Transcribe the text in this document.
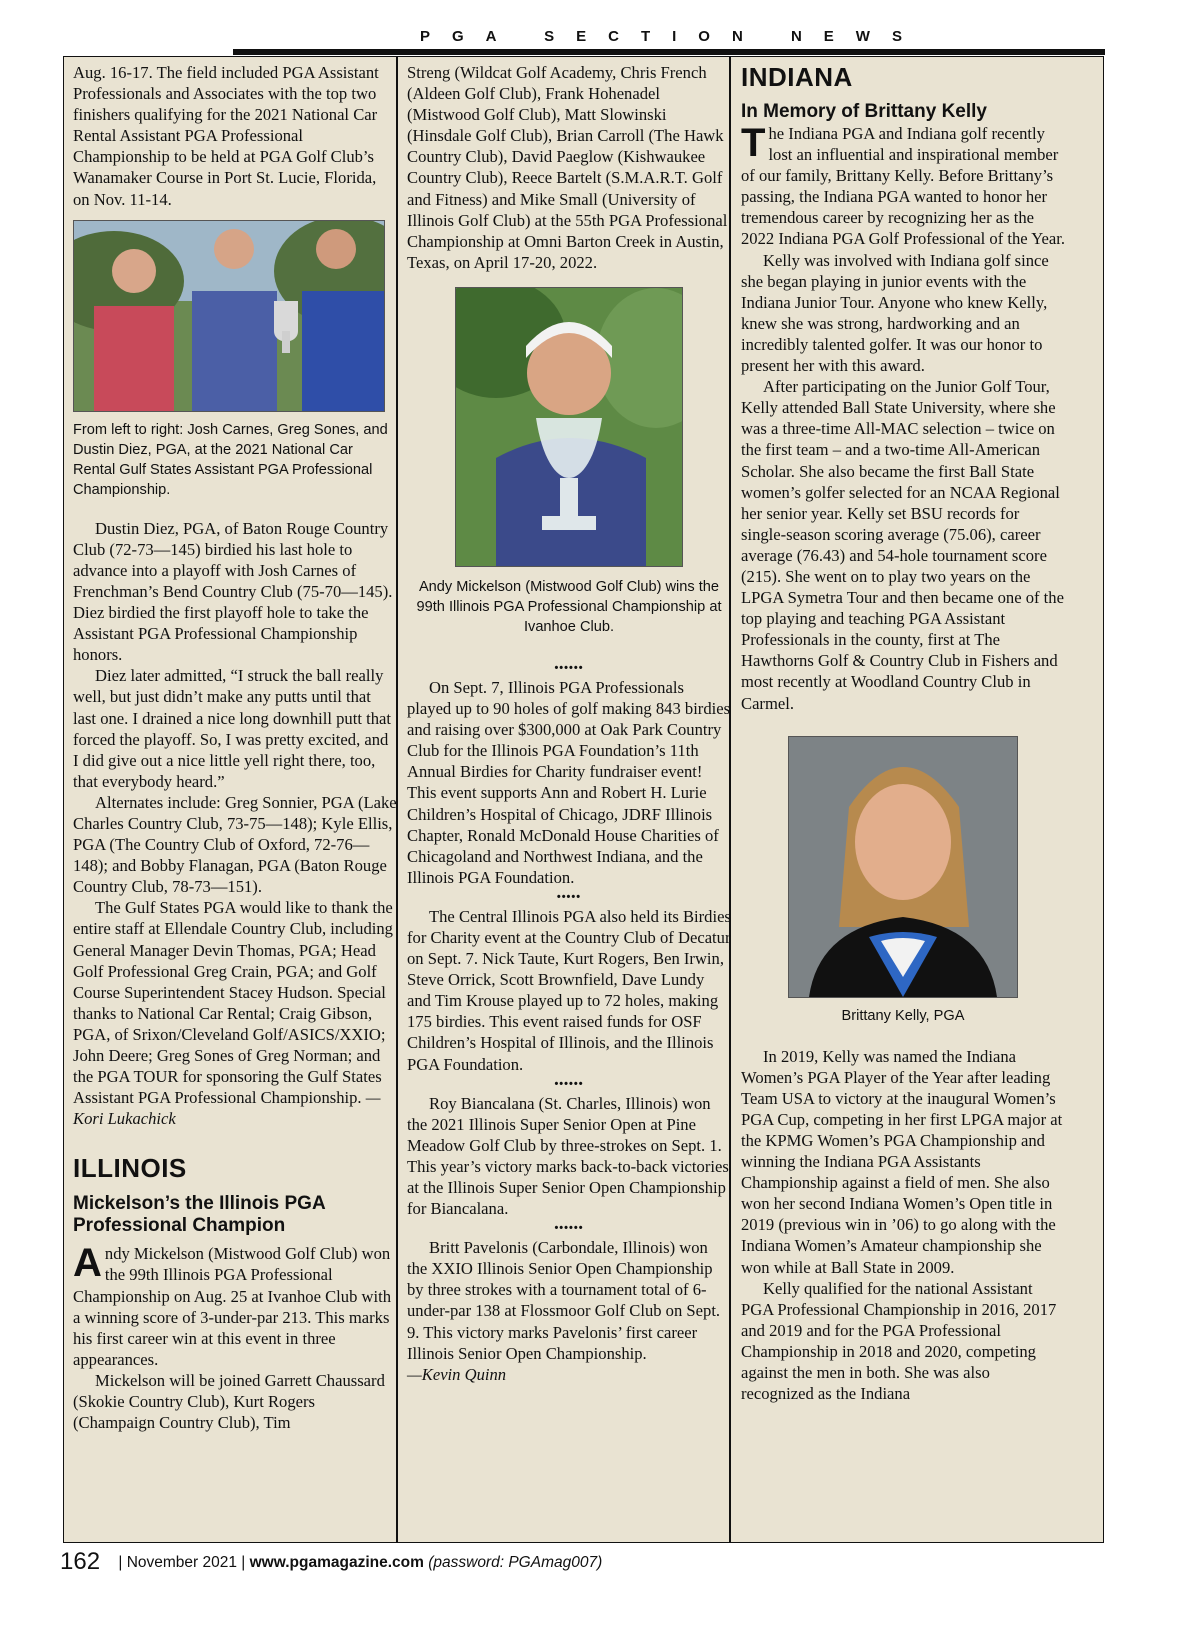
PGA SECTION NEWS

Aug. 16-17. The field included PGA Assistant Professionals and Associates with the top two finishers qualifying for the 2021 National Car Rental Assistant PGA Professional Championship to be held at PGA Golf Club’s Wanamaker Course in Port St. Lucie, Florida, on Nov. 11-14.

From left to right: Josh Carnes, Greg Sones, and Dustin Diez, PGA, at the 2021 National Car Rental Gulf States Assistant PGA Professional Championship.

Dustin Diez, PGA, of Baton Rouge Country Club (72-73—145) birdied his last hole to advance into a playoff with Josh Carnes of Frenchman’s Bend Country Club (75-70—145). Diez birdied the first playoff hole to take the Assistant PGA Professional Championship honors.

Diez later admitted, “I struck the ball really well, but just didn’t make any putts until that last one. I drained a nice long downhill putt that forced the playoff. So, I was pretty excited, and I did give out a nice little yell right there, too, that everybody heard.”

Alternates include: Greg Sonnier, PGA (Lake Charles Country Club, 73-75—148); Kyle Ellis, PGA (The Country Club of Oxford, 72-76—148); and Bobby Flanagan, PGA (Baton Rouge Country Club, 78-73—151).

The Gulf States PGA would like to thank the entire staff at Ellendale Country Club, including General Manager Devin Thomas, PGA; Head Golf Professional Greg Crain, PGA; and Golf Course Superintendent Stacey Hudson. Special thanks to National Car Rental; Craig Gibson, PGA, of Srixon/Cleveland Golf/ASICS/XXIO; John Deere; Greg Sones of Greg Norman; and the PGA TOUR for sponsoring the Gulf States Assistant PGA Professional Championship. —Kori Lukachick

ILLINOIS
Mickelson’s the Illinois PGA Professional Champion

Andy Mickelson (Mistwood Golf Club) won the 99th Illinois PGA Professional Championship on Aug. 25 at Ivanhoe Club with a winning score of 3-under-par 213. This marks his first career win at this event in three appearances.

Mickelson will be joined Garrett Chaussard (Skokie Country Club), Kurt Rogers (Champaign Country Club), Tim

Streng (Wildcat Golf Academy, Chris French (Aldeen Golf Club), Frank Hohenadel (Mistwood Golf Club), Matt Slowinski (Hinsdale Golf Club), Brian Carroll (The Hawk Country Club), David Paeglow (Kishwaukee Country Club), Reece Bartelt (S.M.A.R.T. Golf and Fitness) and Mike Small (University of Illinois Golf Club) at the 55th PGA Professional Championship at Omni Barton Creek in Austin, Texas, on April 17-20, 2022.

Andy Mickelson (Mistwood Golf Club) wins the 99th Illinois PGA Professional Championship at Ivanhoe Club.
••••••

On Sept. 7, Illinois PGA Professionals played up to 90 holes of golf making 843 birdies and raising over $300,000 at Oak Park Country Club for the Illinois PGA Foundation’s 11th Annual Birdies for Charity fundraiser event! This event supports Ann and Robert H. Lurie Children’s Hospital of Chicago, JDRF Illinois Chapter, Ronald McDonald House Charities of Chicagoland and Northwest Indiana, and the Illinois PGA Foundation.

•••••

The Central Illinois PGA also held its Birdies for Charity event at the Country Club of Decatur on Sept. 7. Nick Taute, Kurt Rogers, Ben Irwin, Steve Orrick, Scott Brownfield, Dave Lundy and Tim Krouse played up to 72 holes, making 175 birdies. This event raised funds for OSF Children’s Hospital of Illinois, and the Illinois PGA Foundation.

••••••

Roy Biancalana (St. Charles, Illinois) won the 2021 Illinois Super Senior Open at Pine Meadow Golf Club by three-strokes on Sept. 1. This year’s victory marks back-to-back victories at the Illinois Super Senior Open Championship for Biancalana.

••••••

Britt Pavelonis (Carbondale, Illinois) won the XXIO Illinois Senior Open Championship by three strokes with a tournament total of 6-under-par 138 at Flossmoor Golf Club on Sept. 9. This victory marks Pavelonis’ first career Illinois Senior Open Championship.
—Kevin Quinn

INDIANA
In Memory of Brittany Kelly

The Indiana PGA and Indiana golf recently lost an influential and inspirational member of our family, Brittany Kelly. Before Brittany’s passing, the Indiana PGA wanted to honor her tremendous career by recognizing her as the 2022 Indiana PGA Golf Professional of the Year.

Kelly was involved with Indiana golf since she began playing in junior events with the Indiana Junior Tour. Anyone who knew Kelly, knew she was strong, hardworking and an incredibly talented golfer. It was our honor to present her with this award.

After participating on the Junior Golf Tour, Kelly attended Ball State University, where she was a three-time All-MAC selection – twice on the first team – and a two-time All-American Scholar. She also became the first Ball State women’s golfer selected for an NCAA Regional her senior year. Kelly set BSU records for single-season scoring average (75.06), career average (76.43) and 54-hole tournament score (215). She went on to play two years on the LPGA Symetra Tour and then became one of the top playing and teaching PGA Assistant Professionals in the county, first at The Hawthorns Golf & Country Club in Fishers and most recently at Woodland Country Club in Carmel.

Brittany Kelly, PGA

In 2019, Kelly was named the Indiana Women’s PGA Player of the Year after leading Team USA to victory at the inaugural Women’s PGA Cup, competing in her first LPGA major at the KPMG Women’s PGA Championship and winning the Indiana PGA Assistants Championship against a field of men. She also won her second Indiana Women’s Open title in 2019 (previous win in ’06) to go along with the Indiana Women’s Amateur championship she won while at Ball State in 2009.

Kelly qualified for the national Assistant PGA Professional Championship in 2016, 2017 and 2019 and for the PGA Professional Championship in 2018 and 2020, competing against the men in both. She was also recognized as the Indiana

162 | November 2021 | www.pgamagazine.com (password: PGAmag007)
